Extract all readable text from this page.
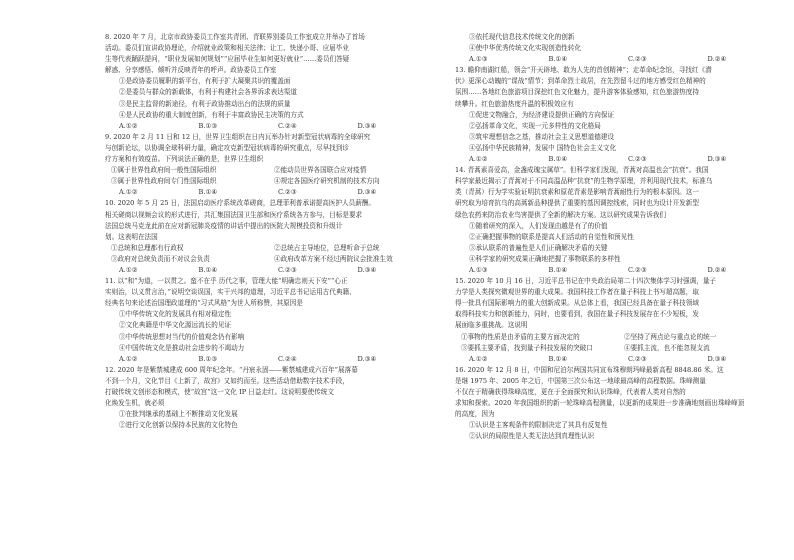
8. 2020 年 7 月，北京市政协委员工作室共青团、青联界别委员工作室成立并举办了首场
活动。委员们宣讲政协理论，介绍就业政策和相关法律；让工、快递小哥、应届毕业
生等代表踊跃提问，“职业发展如何规划”“应届毕业生如何更好就业”……委员们答疑
解惑、分享感悟、倾听并反映青年的呼声。政协委员工作室
①是政协委员履职的新平台，有利于扩大凝聚共识的覆盖面
②是委员与群众的新载体，有利于构建社会各界诉求表达渠道
③是民主监督的新途径，有利于政协推动出台的法规的质量
④是人民政协的重大制度创新，有利于丰富政协民主决策的方式
A.①②	B.①③	C.②④	D.③④
9. 2020 年 2 月 11 日和 12 日，世界卫生组织在日内瓦举办针对新型冠状病毒的全球研究
与创新论坛，以协调全球科研力量，确定攻克新型冠状病毒的研究重点，尽早找到诊
疗方案和有效疫苗。下列说法正确的是，世界卫生组织
①属于世界性政府间一般性国际组织	②能动员世界各国联合应对疫情
③属于世界性政府间专门性国际组织	④规定各国医疗研究机制的技术方向
A.①②	B.①④	C.②③	D.③④
10. 2020 年 5 月 25 日，法国启动医疗系统改革磋商，总理菲利普承诺提高医护人员薪酬。
相关磋商以视频会议的形式进行，共汇集国法国卫生部和医疗系统各方参与，目标是要求
法国总统马克龙此前在应对新冠肺炎疫情的讲话中提出的医院大规模投资和升级计
划。这表明在法国
①总统和总理都有行政权	②总统占主导地位，总理听命于总统
③政府对总统负责而不对议会负责	④政府改革方案不经过两院议会批准生效
A.①②	B.①④	C.②③	D.③④
11. 以“和”为道，一以贯之。蛮不在乎 历代之事，管理大能“明确忠则天下安”“心正
实则治，以义贯言治，”说明空谈误国，实干兴邦的道理，习近平总书记运用古代典籍、
经典名句来论述治国理政道理的“习式风格”为世人所称赞，其原因是
①中华传统文化的发展具有相对稳定性
②文化典籍是中华文化源远流长的见证
③中华传统思想对当代的价值观念仍有影响
④中国传统文化是推动社会进步的不竭动力
A.①②	B.①③	C.②④	D.③④
12. 2020 年是紫禁城建成 600 周年纪念年。“丹宸永固——紫禁城建成六百年”展落幕
不到一个月，文化节目《上新了，故宫》又如约而至。这些活动借助数字技术手段，
打破传统文创形态和模式，使“故宫”这一文化 IP 日益走红。这说明要使传统文
化焕发生机，就必须
①在批判继承的基础上不断推动文化发展
②进行文化创新以保持本民族的文化特色
③依托现代信息技术传统文化的创新
④使中华优秀传统文化实现创造性转化
A.①③	B.①④	C.②③	D.②④
13. 瞻仰南湖红船，领会“开天辟地、敢为人先的首创精神”；走革命纪念馆，寻找红《潜
伏》更深心动魄的“谍战”情节；到革命烈士故居，在先烈留斗过的地方感受红色精神的
氛围……各地红色旅游项目深挖红色文化魅力，提升游客体验感知，红色旅游热度持
续攀升。红色旅游热度升温的积极效应有
①促进文物融合，为经济建设提供正确的方向保证
②弘扬革命文化，实现一元多样性的文化格局
③筑牢理想信念之基，推动社会主义思想道德建设
④弘扬中华民族精神，发展中 国特色社会主义文化
A.①②	B.①④	C.②③	D.③④
14. 青蒿素喜爱高，金盏成瑰宝属草”。但科学家们发现，青蒿对高温也会“抗衰”。我国
科学家最近揭示了青蒿对于不同高温品种“抗衰”的生物学原理，并利用现代技术，标准乌
类（青蒿）行为学实验证明抗衰素和原花青素是影响青蒿耐性行为的根本原因。这一
研究取为培育抗乌的高蒿新品种提供了重要的基因调控线索，同时也为设计开发新型
绿色农药来防治农业鸟害提供了全新的解决方案。这以研究成果告诉我们
①随着研究的深入，人们发现由越是有了的价值
②正确把握事物的联系是提高人们活动的自觉性和预见性
③承认联系的普遍性是人们正确解决矛盾的关键
④科学家的研究成果正确地把握了事物联系的多样性
A.①③	B.①④	C.②③	D.②④
15. 2020 年 10 月 16 日，习近平总书记在中央政治局第二十四次集体学习时强调，量子
力学是人类探究微观世界的重大成果。我国科技工作者在量子科技上书写超高题，取
得一批具有国际影响力的重大创新成果。从总体上看，我国已经具备在量子科技领域
取得科技实力和创新能力，同时，也要看到，我国在量子科技发展存在不少短板，发
展面临多重挑战。这说明
①事物的性质是由矛盾的主要方面决定的	②坚持了两点论与重点论的统一
③要抓主要矛盾，找到量子科技发展的突破口	④要抓主流，也不能忽视支流
A.①②	B.①④	C.②③	D.③④
16. 2020 年 12 月 8 日，中国和尼泊尔两国共同宣布珠穆朗玛峰最新高程 8848.86 米。这
是继 1975 年、2005 年之后，中国第三次公布这一地球最高峰的高程数据。珠峰测量
不仅在于精确获得珠峰高度，更在于全面探究和认识珠峰，代表着人类对自然的
求知和探索。2020 年我国组织的新一轮珠峰高程测量，以更新的成果进一步准确地刻画出珠峰峰顶
的高度，因为
①认识是主客观条件的限制决定了其具有反复性
②认识的局限性是人类无法达到真理性认识
